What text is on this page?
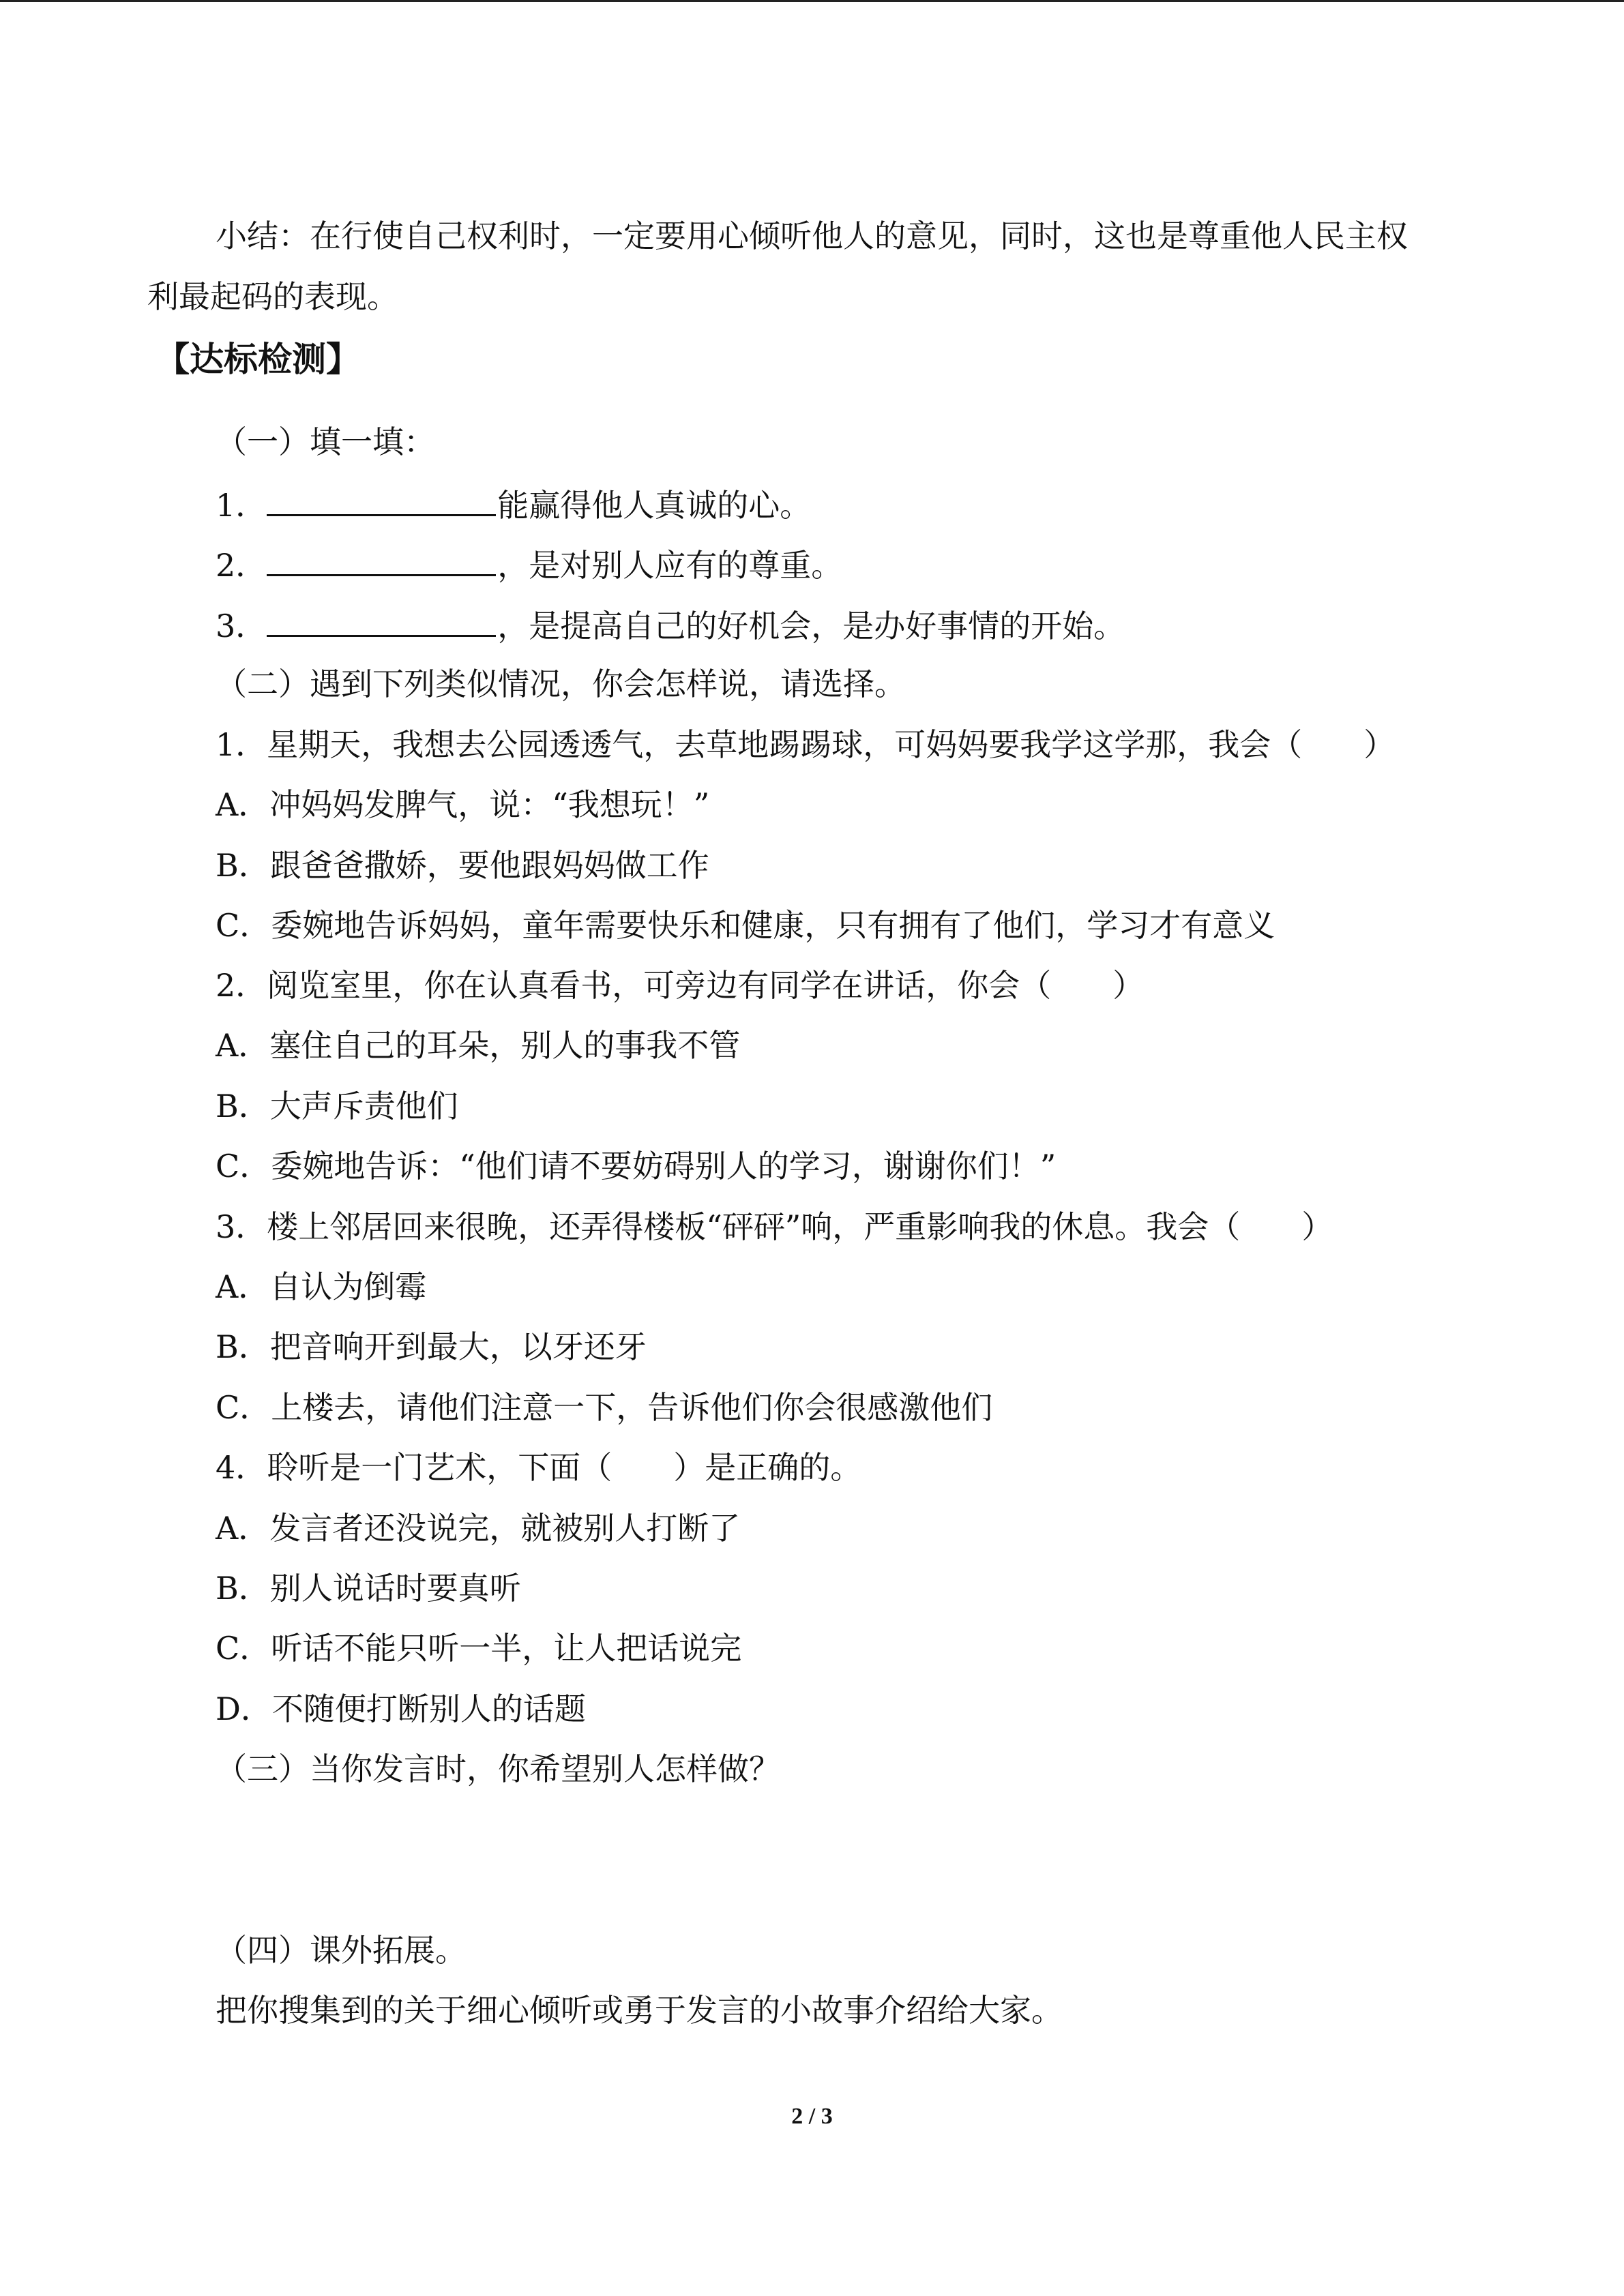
小结：在行使自己权利时，一定要用心倾听他人的意见，同时，这也是尊重他人民主权
利最起码的表现。
【达标检测】
（一）填一填：
1．	能赢得他人真诚的心。
2．	，是对别人应有的尊重。
3．	，是提高自己的好机会，是办好事情的开始。
（二）遇到下列类似情况，你会怎样说，请选择。
1．星期天，我想去公园透透气，去草地踢踢球，可妈妈要我学这学那，我会（ ）
A．冲妈妈发脾气，说：“我想玩！”
B．跟爸爸撒娇，要他跟妈妈做工作
C．委婉地告诉妈妈，童年需要快乐和健康，只有拥有了他们，学习才有意义
2．阅览室里，你在认真看书，可旁边有同学在讲话，你会（ ）
A．塞住自己的耳朵，别人的事我不管
B．大声斥责他们
C．委婉地告诉：“他们请不要妨碍别人的学习，谢谢你们！”
3．楼上邻居回来很晚，还弄得楼板“砰砰”响，严重影响我的休息。我会（ ）
A．自认为倒霉
B．把音响开到最大，以牙还牙
C．上楼去，请他们注意一下，告诉他们你会很感激他们
4．聆听是一门艺术，下面（ ）是正确的。
A．发言者还没说完，就被别人打断了
B．别人说话时要真听
C．听话不能只听一半，让人把话说完
D．不随便打断别人的话题
（三）当你发言时，你希望别人怎样做？
（四）课外拓展。
把你搜集到的关于细心倾听或勇于发言的小故事介绍给大家。
2 / 3
